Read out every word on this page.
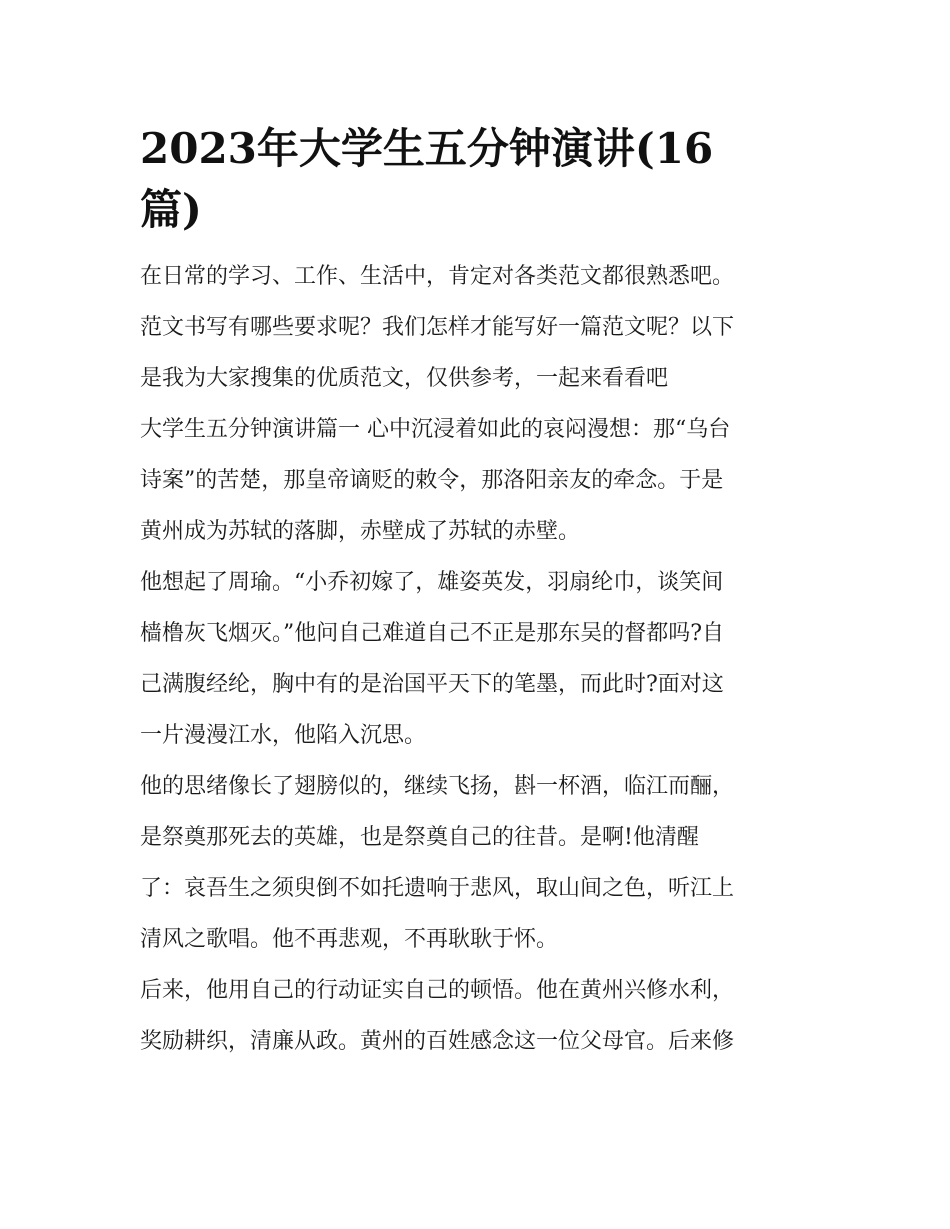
2023年大学生五分钟演讲(16
篇)

在日常的学习、工作、生活中，肯定对各类范文都很熟悉吧。
范文书写有哪些要求呢？我们怎样才能写好一篇范文呢？以下
是我为大家搜集的优质范文，仅供参考，一起来看看吧

大学生五分钟演讲篇一 心中沉浸着如此的哀闷漫想：那“乌台
诗案”的苦楚，那皇帝谪贬的敕令，那洛阳亲友的牵念。于是
黄州成为苏轼的落脚，赤壁成了苏轼的赤壁。

他想起了周瑜。“小乔初嫁了，雄姿英发，羽扇纶巾，谈笑间
樯橹灰飞烟灭。”他问自己难道自己不正是那东吴的督都吗?自
己满腹经纶，胸中有的是治国平天下的笔墨，而此时?面对这
一片漫漫江水，他陷入沉思。

他的思绪像长了翅膀似的，继续飞扬，斟一杯酒，临江而酾，
是祭奠那死去的英雄，也是祭奠自己的往昔。是啊!他清醒
了：哀吾生之须臾倒不如托遗响于悲风，取山间之色，听江上
清风之歌唱。他不再悲观，不再耿耿于怀。

后来，他用自己的行动证实自己的顿悟。他在黄州兴修水利，
奖励耕织，清廉从政。黄州的百姓感念这一位父母官。后来修
